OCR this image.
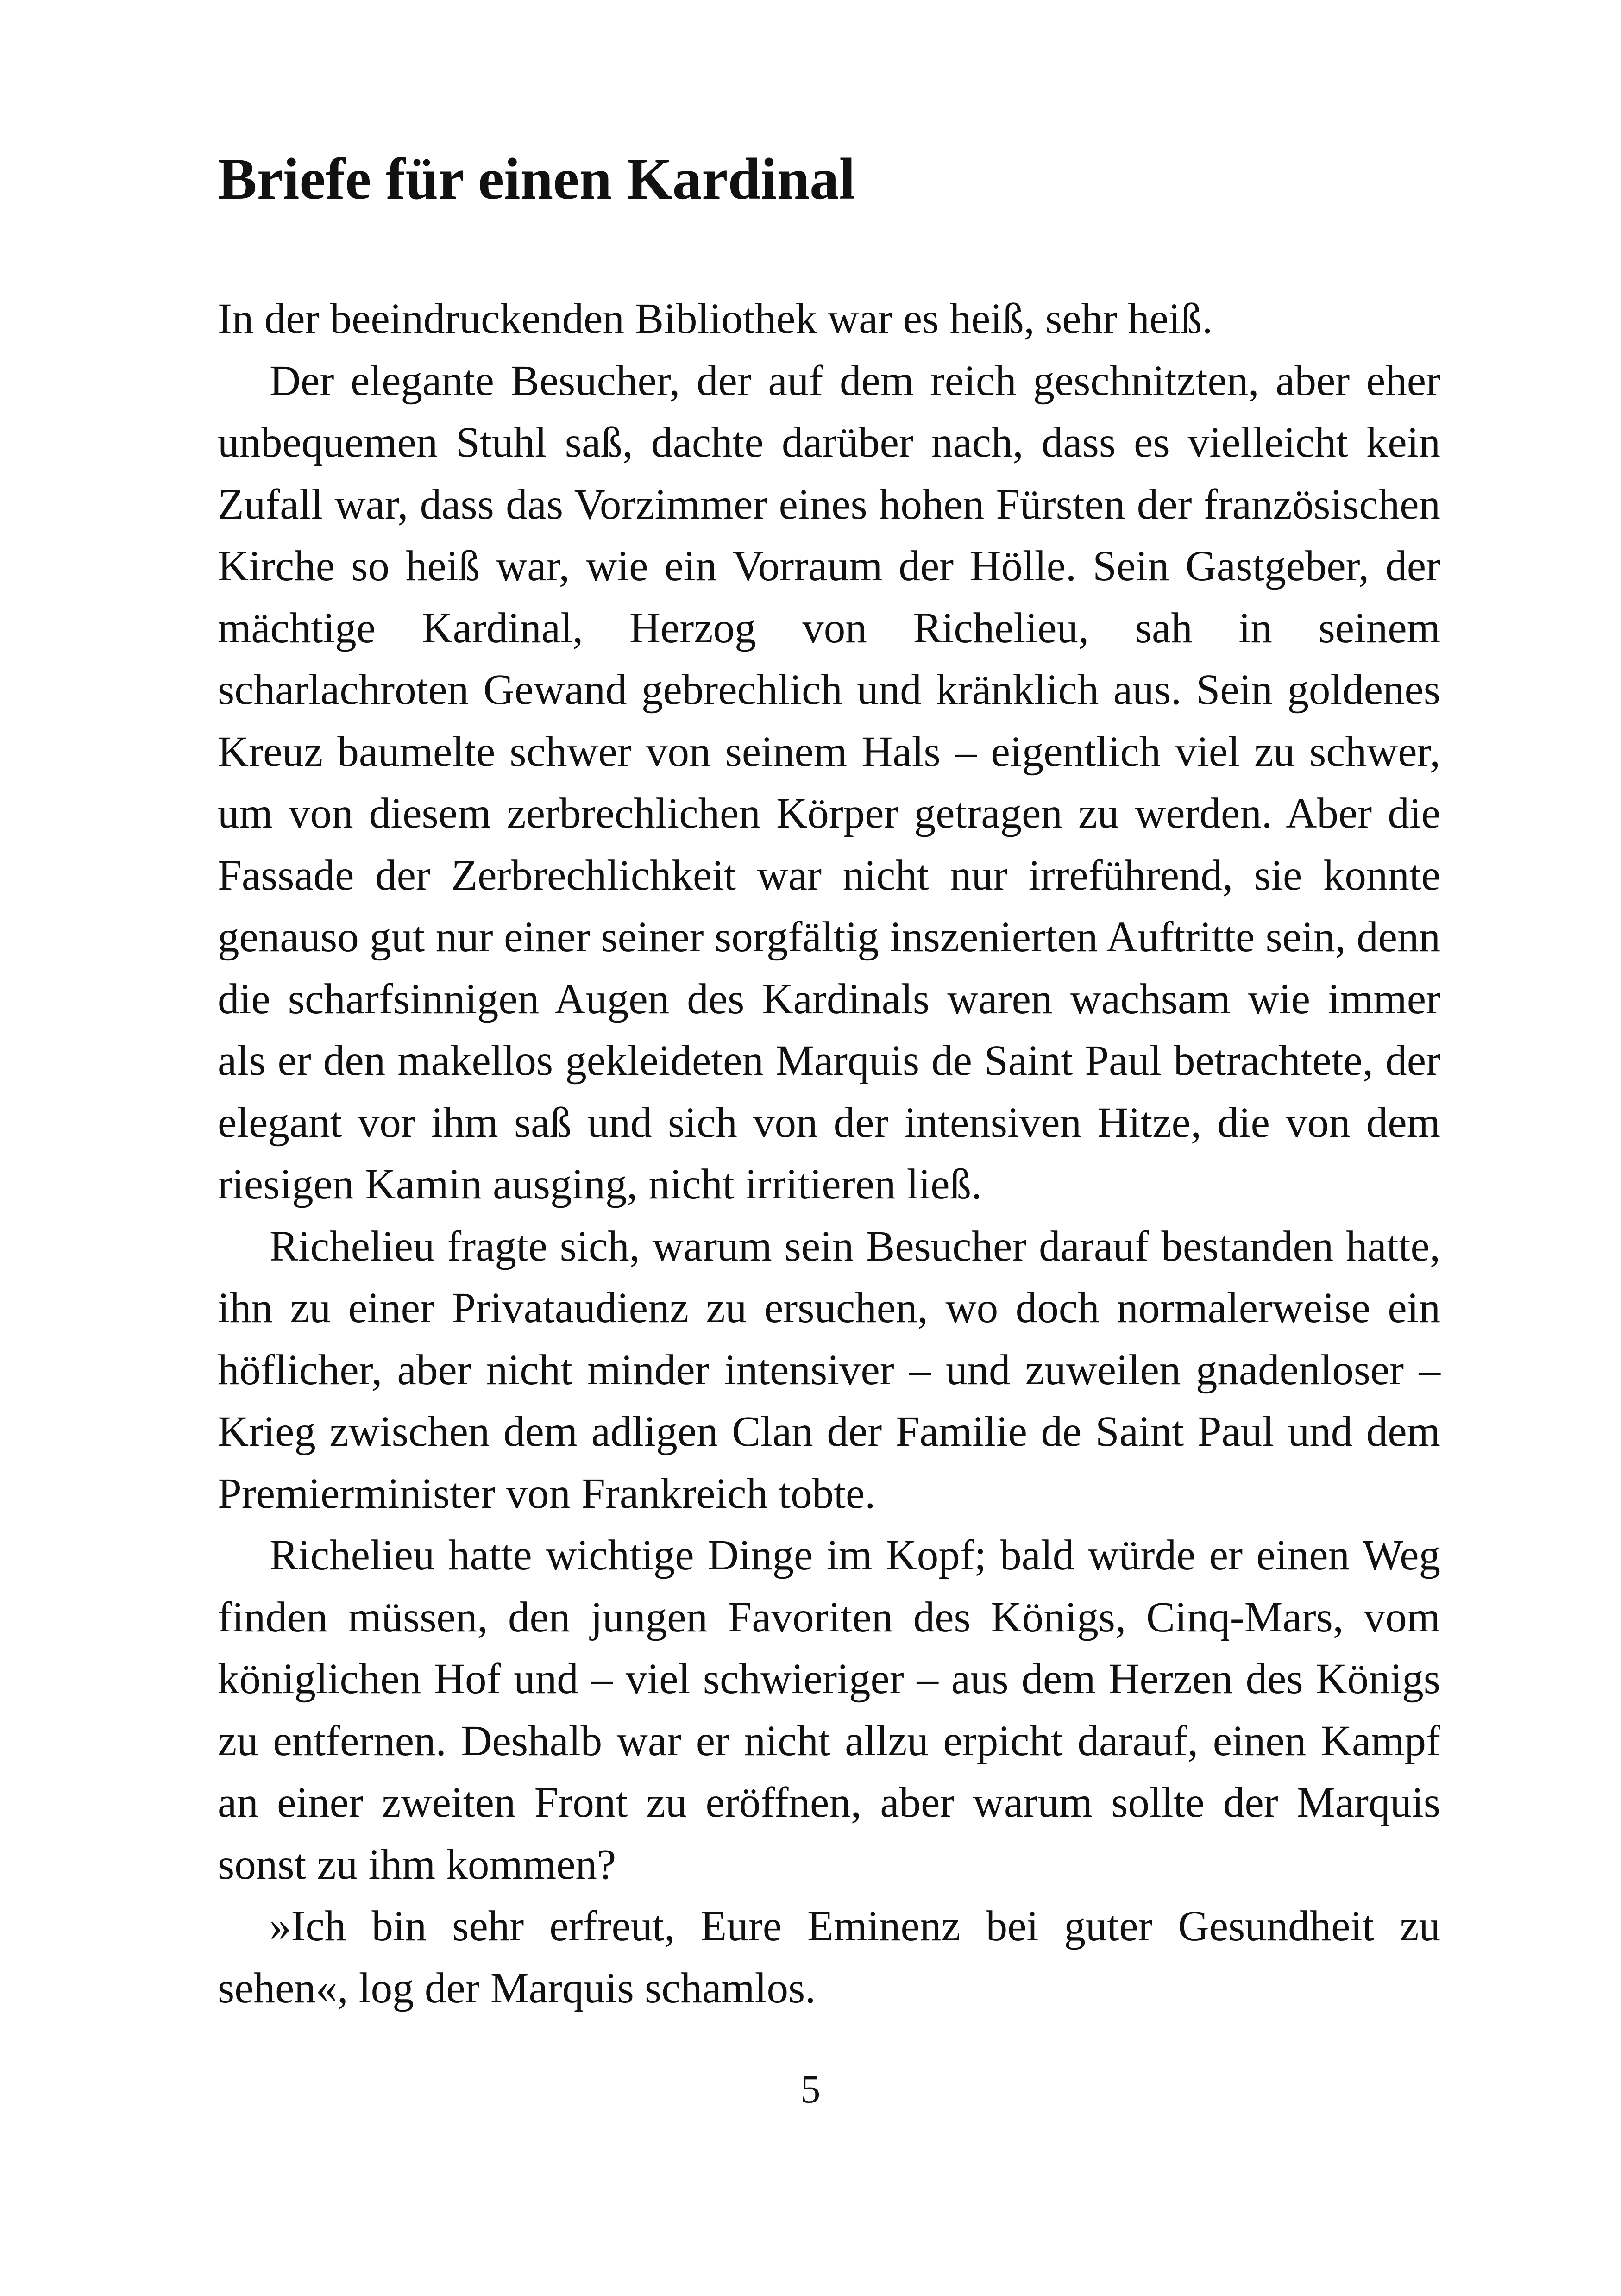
Briefe für einen Kardinal

In der beeindruckenden Bibliothek war es heiß, sehr heiß.

Der elegante Besucher, der auf dem reich geschnitzten, aber eher unbequemen Stuhl saß, dachte darüber nach, dass es vielleicht kein Zufall war, dass das Vorzimmer eines hohen Fürsten der französischen Kirche so heiß war, wie ein Vorraum der Hölle. Sein Gastgeber, der mächtige Kardinal, Herzog von Richelieu, sah in seinem scharlachroten Gewand gebrechlich und kränklich aus. Sein goldenes Kreuz baumelte schwer von seinem Hals – eigentlich viel zu schwer, um von diesem zerbrechlichen Körper getragen zu werden. Aber die Fassade der Zerbrechlichkeit war nicht nur irreführend, sie konnte genauso gut nur einer seiner sorgfältig inszenierten Auftritte sein, denn die scharfsinnigen Augen des Kardinals waren wachsam wie immer als er den makellos gekleideten Marquis de Saint Paul betrachtete, der elegant vor ihm saß und sich von der intensiven Hitze, die von dem riesigen Kamin ausging, nicht irritieren ließ.

Richelieu fragte sich, warum sein Besucher darauf bestanden hatte, ihn zu einer Privataudienz zu ersuchen, wo doch normalerweise ein höflicher, aber nicht minder intensiver – und zuweilen gnadenloser – Krieg zwischen dem adligen Clan der Familie de Saint Paul und dem Premierminister von Frankreich tobte.

Richelieu hatte wichtige Dinge im Kopf; bald würde er einen Weg finden müssen, den jungen Favoriten des Königs, Cinq-Mars, vom königlichen Hof und – viel schwieriger – aus dem Herzen des Königs zu entfernen. Deshalb war er nicht allzu erpicht darauf, einen Kampf an einer zweiten Front zu eröffnen, aber warum sollte der Marquis sonst zu ihm kommen?

»Ich bin sehr erfreut, Eure Eminenz bei guter Gesundheit zu sehen«, log der Marquis schamlos.

5
